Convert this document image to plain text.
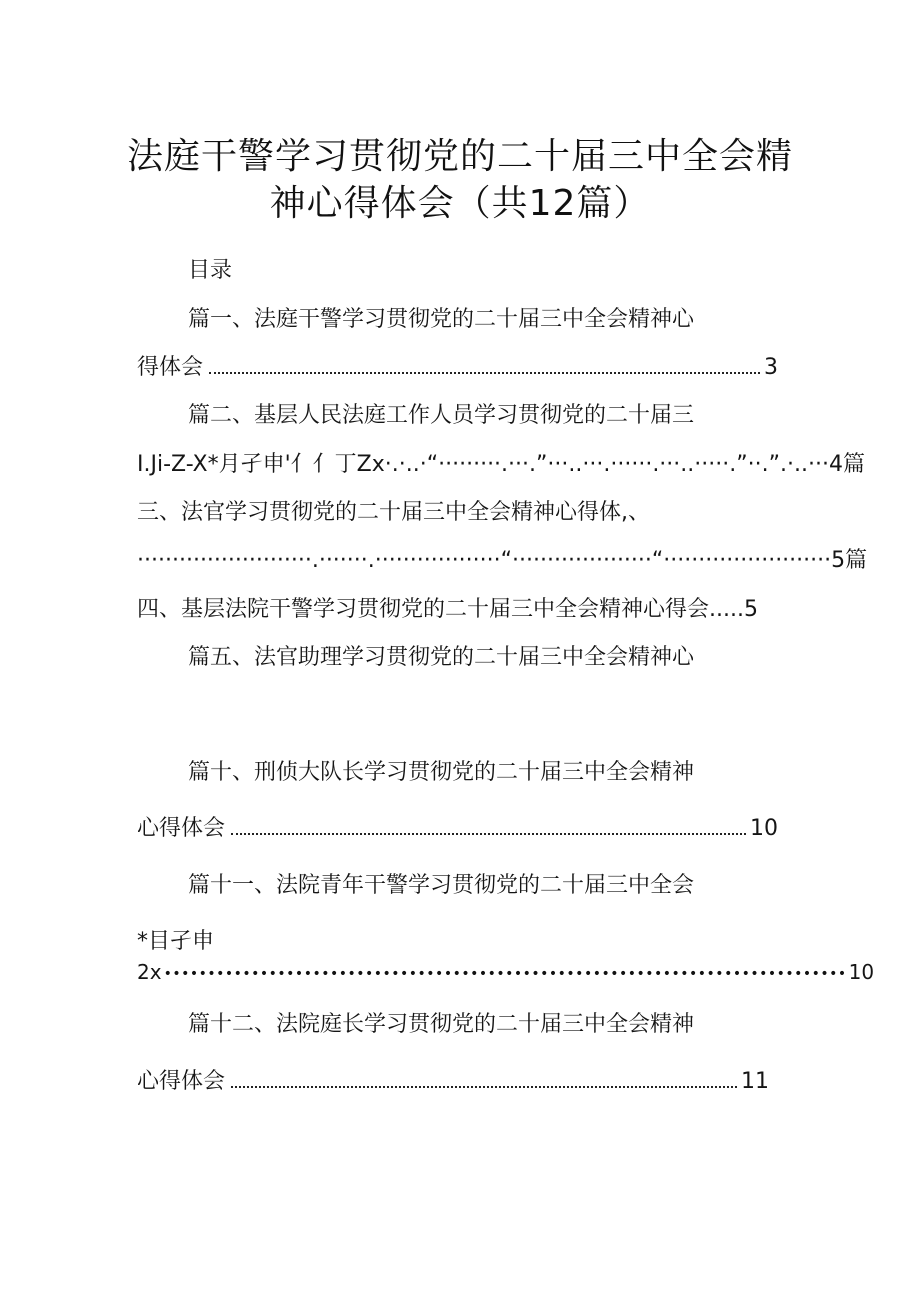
法庭干警学习贯彻党的二十届三中全会精
神心得体会（共12篇）
目录
篇一、法庭干警学习贯彻党的二十届三中全会精神心
得体会	3
篇二、基层人民法庭工作人员学习贯彻党的二十届三
I.Ji-Z-X*月孑申'亻亻丁Zx·.·..·“·········.···.”···..···.······.···..·····.”··.”.·..···4篇
三、法官学习贯彻党的二十届三中全会精神心得体,、
·························.·······.··················“····················“························5篇
四、基层法院干警学习贯彻党的二十届三中全会精神心得会.....5
篇五、法官助理学习贯彻党的二十届三中全会精神心
篇十、刑侦大队长学习贯彻党的二十届三中全会精神
心得体会	10
篇十一、法院青年干警学习贯彻党的二十届三中全会
*目孑申
2x •••••••••••••••••••••••••••••••••••••••••••••••••••••••••••••••••••••••••••••• 10
篇十二、法院庭长学习贯彻党的二十届三中全会精神
心得体会	11
